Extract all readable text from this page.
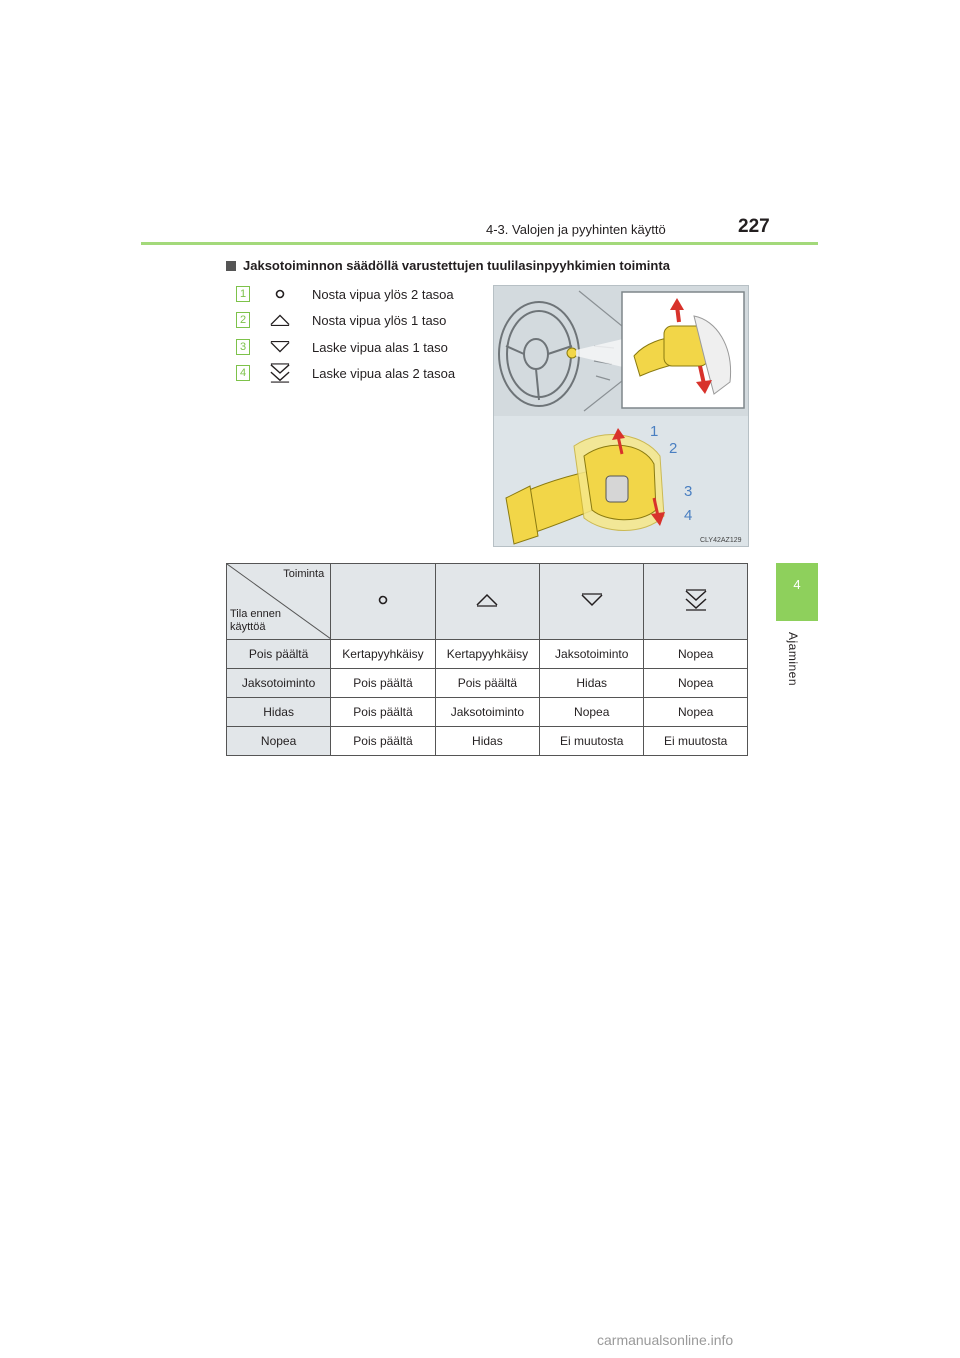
4-3. Valojen ja pyyhinten käyttö	227
4
Ajaminen
Jaksotoiminnon säädöllä varustettujen tuulilasinpyyhkimien toiminta
1	Nosta vipua ylös 2 tasoa
2	Nosta vipua ylös 1 taso
3	Laske vipua alas 1 taso
4	Laske vipua alas 2 tasoa
1
2
3
4
CLY42AZ129
Toiminta
Tila ennen käyttöä

Pois päältä	Kertapyyhkäisy	Kertapyyhkäisy	Jaksotoiminto	Nopea
Jaksotoiminto	Pois päältä	Pois päältä	Hidas	Nopea
Hidas	Pois päältä	Jaksotoiminto	Nopea	Nopea
Nopea	Pois päältä	Hidas	Ei muutosta	Ei muutosta
carmanualsonline.info
